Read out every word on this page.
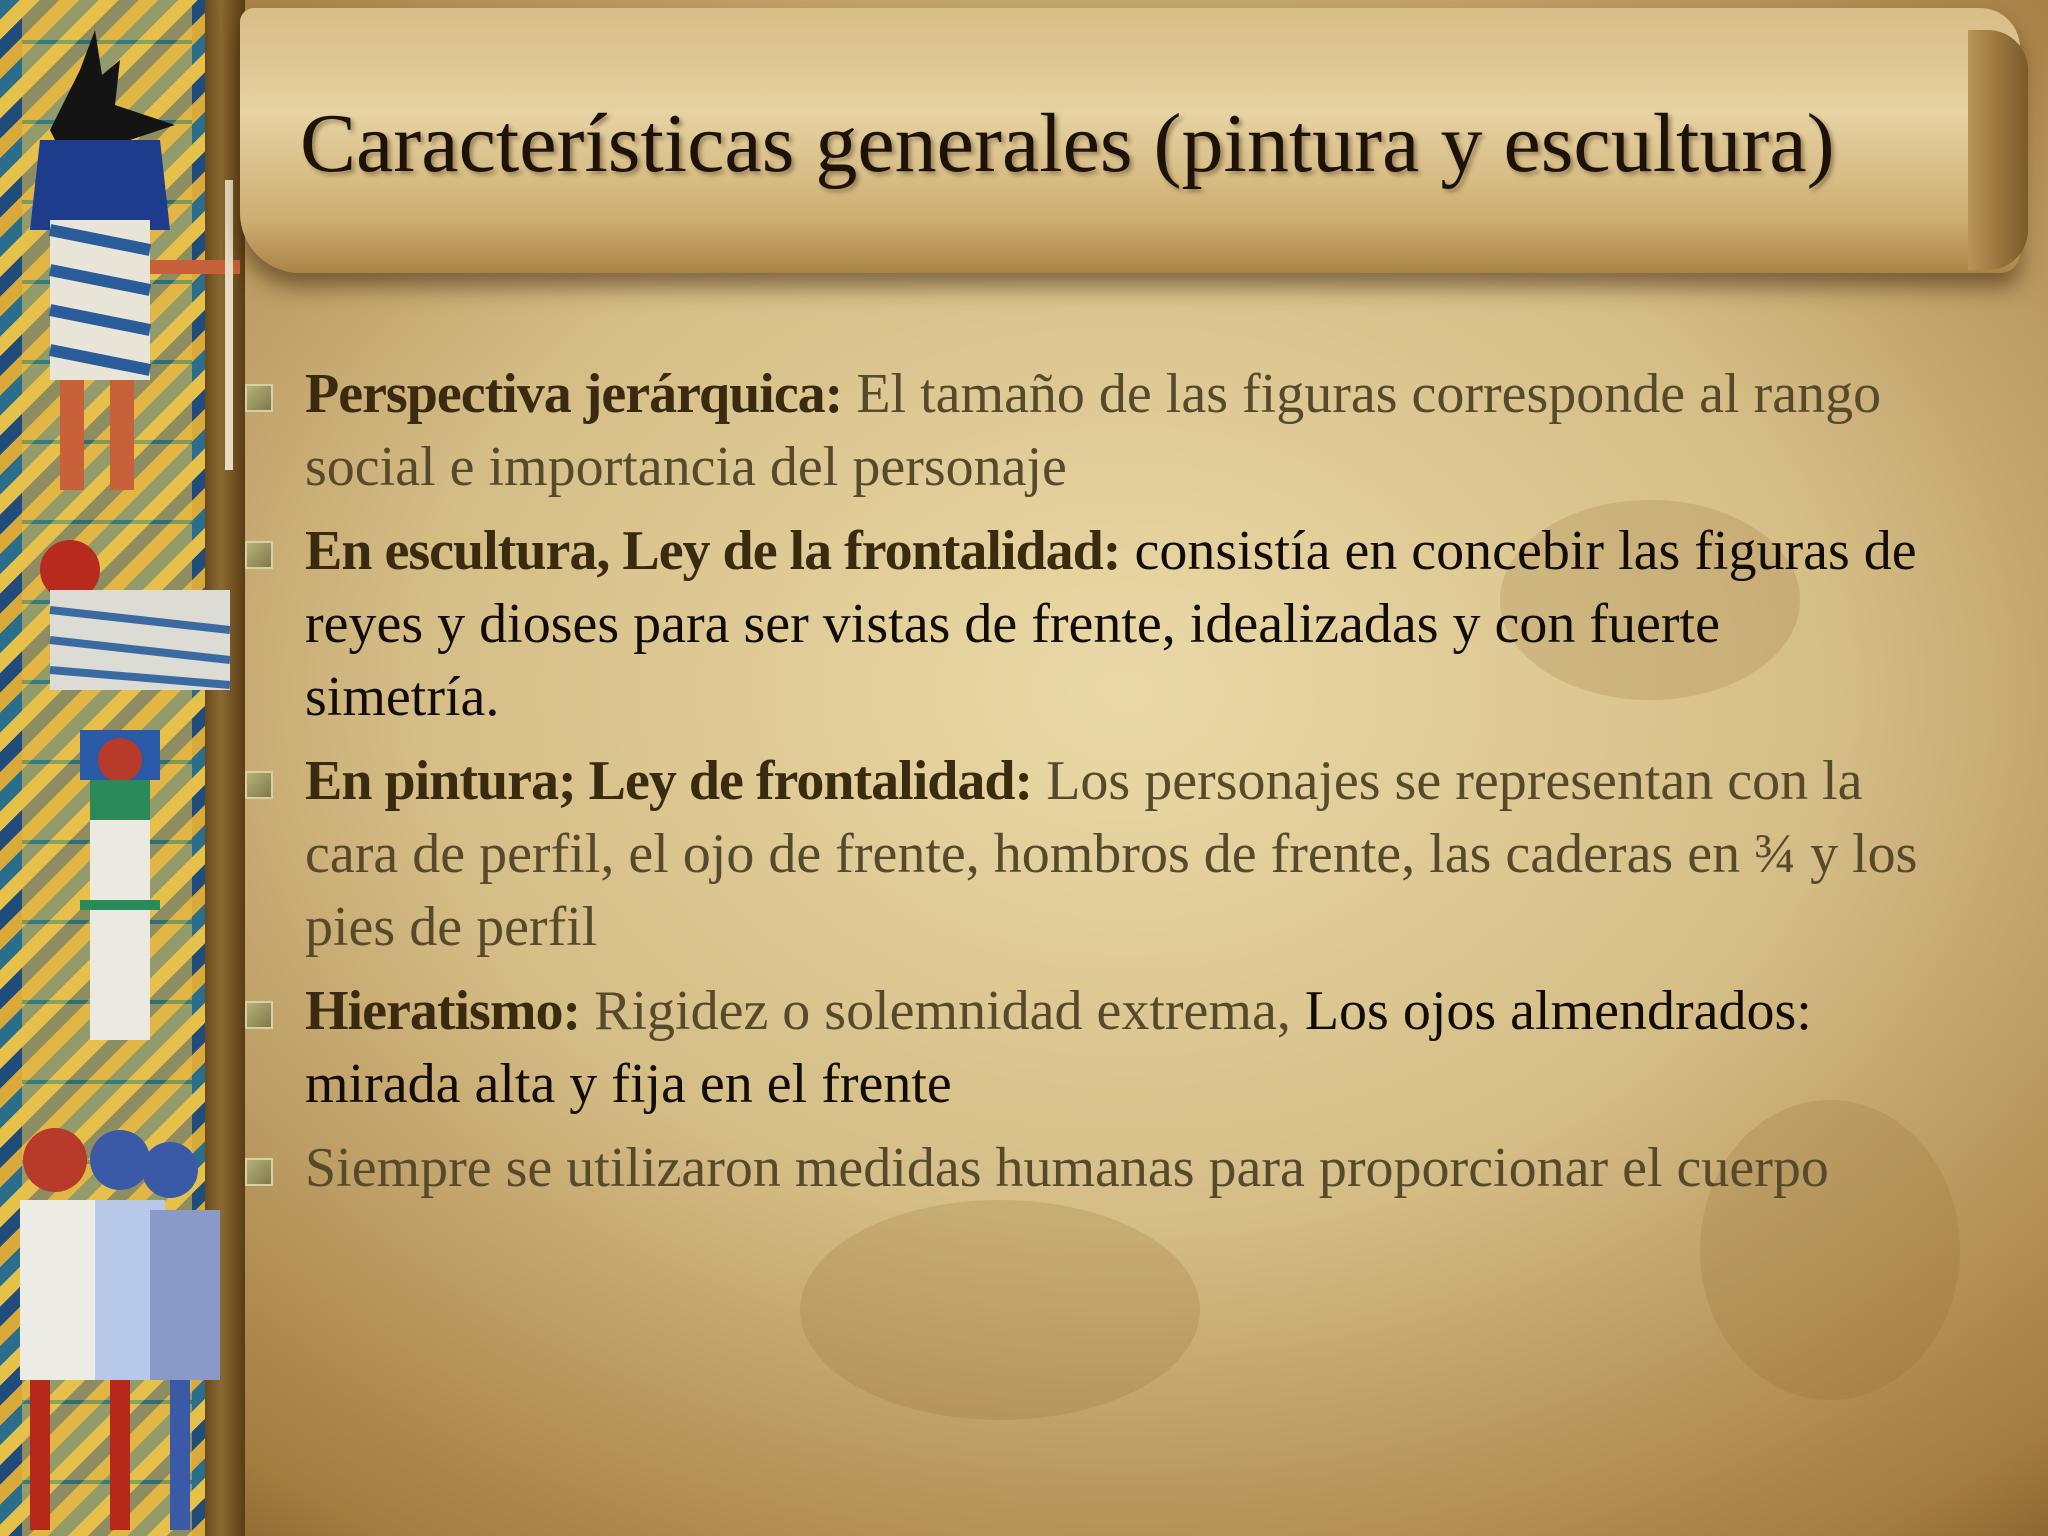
Características generales (pintura y escultura)
Perspectiva jerárquica: El tamaño de las figuras corresponde al rango social e importancia del personaje
En escultura, Ley de la frontalidad: consistía en concebir las figuras de reyes y dioses para ser vistas de frente, idealizadas y con fuerte simetría.
En pintura; Ley de frontalidad: Los personajes se representan con la cara de perfil, el ojo de frente, hombros de frente, las caderas en ¾ y los pies de perfil
Hieratismo: Rigidez o solemnidad extrema, Los ojos almendrados: mirada alta y fija en el frente
Siempre se utilizaron medidas humanas para proporcionar el cuerpo
